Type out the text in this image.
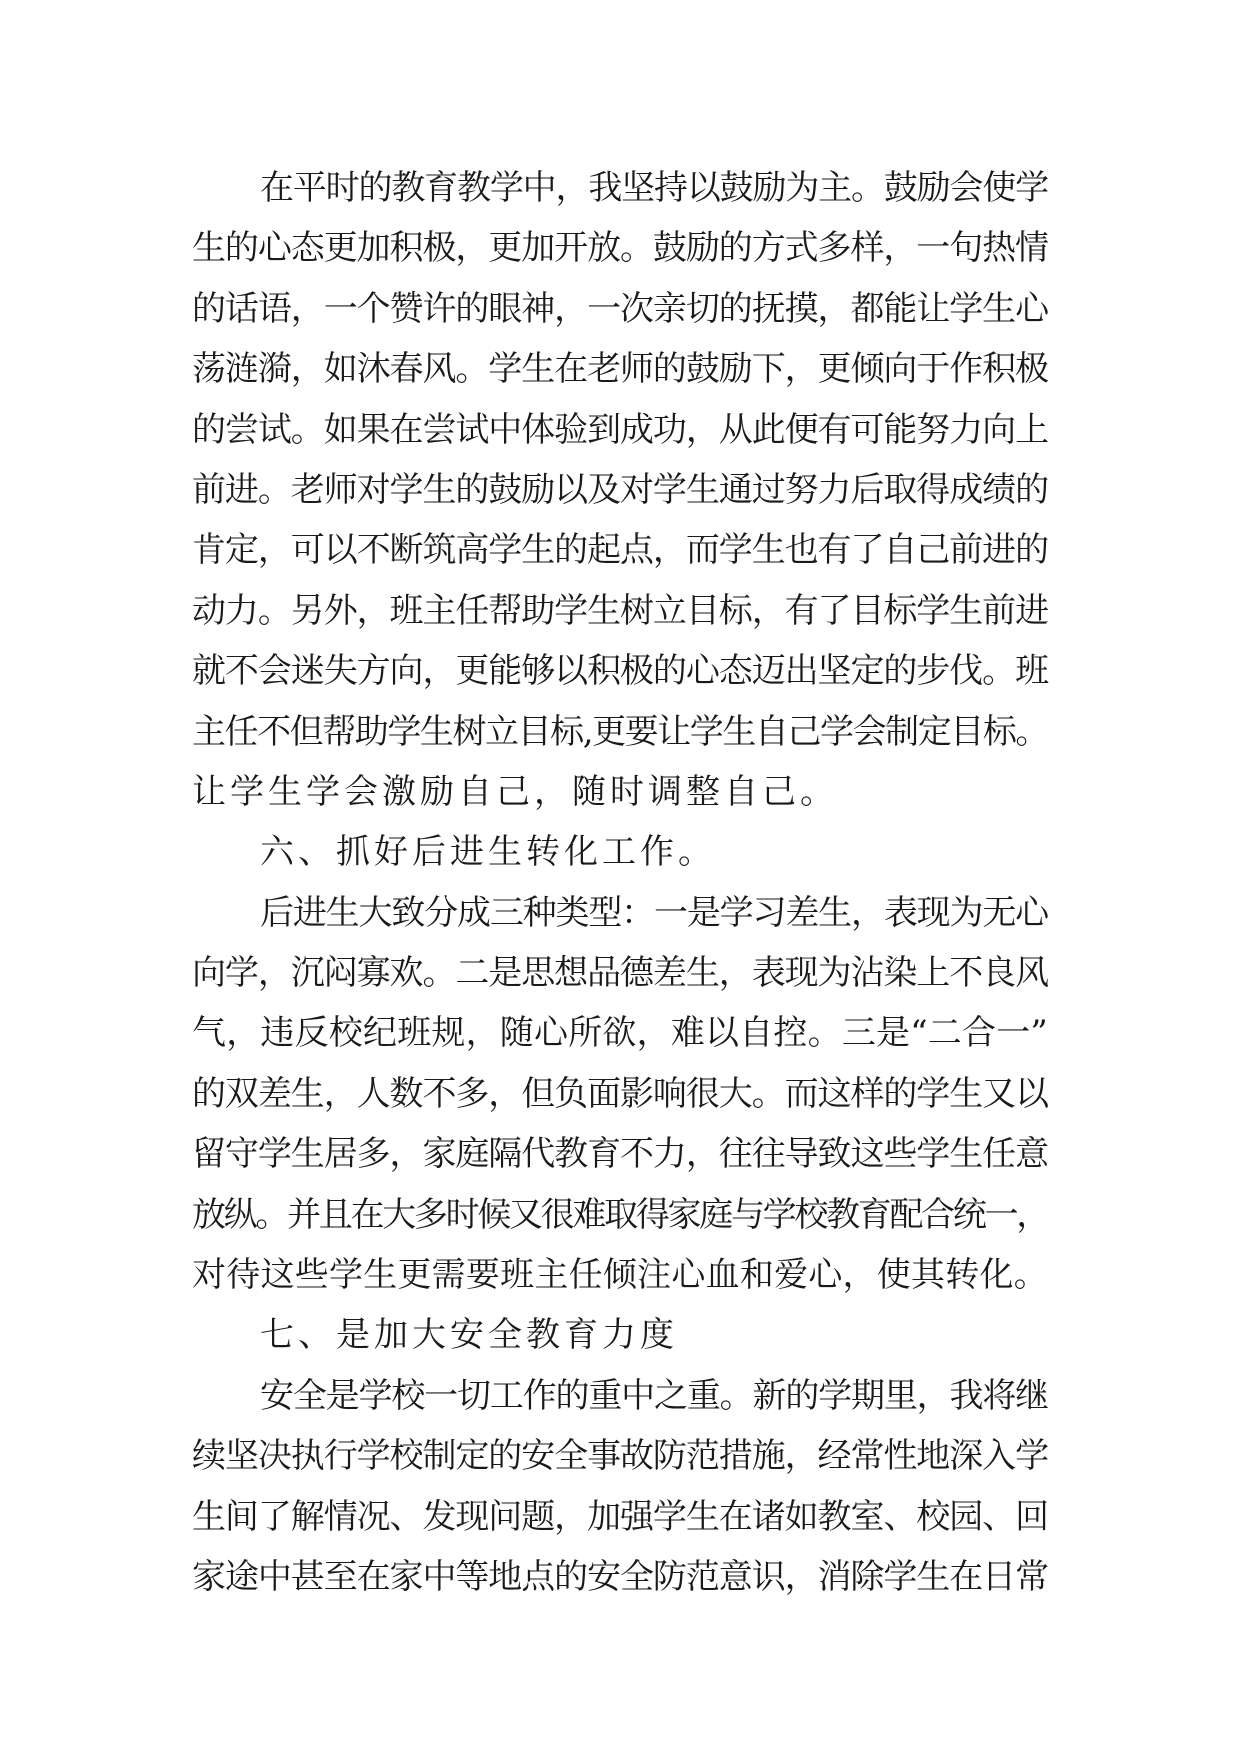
在平时的教育教学中，我坚持以鼓励为主。鼓励会使学
生的心态更加积极，更加开放。鼓励的方式多样，一句热情
的话语，一个赞许的眼神，一次亲切的抚摸，都能让学生心
荡涟漪，如沐春风。学生在老师的鼓励下，更倾向于作积极
的尝试。如果在尝试中体验到成功，从此便有可能努力向上
前进。老师对学生的鼓励以及对学生通过努力后取得成绩的
肯定，可以不断筑高学生的起点，而学生也有了自己前进的
动力。另外，班主任帮助学生树立目标，有了目标学生前进
就不会迷失方向，更能够以积极的心态迈出坚定的步伐。班
主任不但帮助学生树立目标,更要让学生自己学会制定目标。
让学生学会激励自己，随时调整自己。
六、抓好后进生转化工作。
后进生大致分成三种类型：一是学习差生，表现为无心
向学，沉闷寡欢。二是思想品德差生，表现为沾染上不良风
气，违反校纪班规，随心所欲，难以自控。三是“二合一”
的双差生，人数不多，但负面影响很大。而这样的学生又以
留守学生居多，家庭隔代教育不力，往往导致这些学生任意
放纵。并且在大多时候又很难取得家庭与学校教育配合统一，
对待这些学生更需要班主任倾注心血和爱心，使其转化。
七、是加大安全教育力度
安全是学校一切工作的重中之重。新的学期里，我将继
续坚决执行学校制定的安全事故防范措施，经常性地深入学
生间了解情况、发现问题，加强学生在诸如教室、校园、回
家途中甚至在家中等地点的安全防范意识，消除学生在日常
